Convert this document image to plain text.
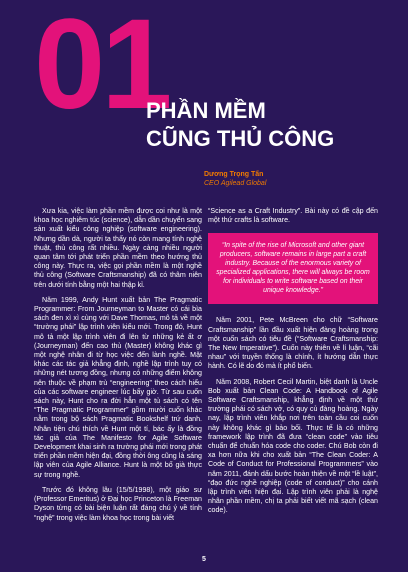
01
PHẦN MỀM
CŨNG THỦ CÔNG
Dương Trọng Tấn
CEO Agilead Global

Xưa kia, việc làm phần mềm được coi như là một khoa học nghiêm túc (science), dẫn dần chuyển sang sản xuất kiểu công nghiệp (software engineering). Nhưng dần dà, người ta thấy nó còn mang tính nghệ thuật, thủ công rất nhiều. Ngày càng nhiều người quan tâm tới phát triển phần mềm theo hướng thủ công này. Thực ra, việc gọi phần mềm là một nghề thủ công (Software Craftsmanship) đã có thâm niên trên dưới tính bằng một hai thập kỉ.

Năm 1999, Andy Hunt xuất bản The Pragmatic Programmer: From Journeyman to Master có cái bìa sách đen xì xì cùng với Dave Thomas, mô tả về một “trường phái” lập trình viên kiểu mới. Trong đó, Hunt mô tả một lập trình viên đi lên từ những kẻ ất ơ (Journeyman) đến cao thủ (Master) không khác gì một nghệ nhân đi từ học việc đến lành nghề. Mặt khác các tác giả khẳng định, nghề lập trình tuy có những nét tương đồng, nhưng có những điểm không nên thuộc về phạm trù “engineering” theo cách hiểu của các software engineer lúc bấy giờ. Từ sau cuốn sách này, Hunt cho ra đời hẳn một tủ sách có tên “The Pragmatic Programmer” gồm mười cuốn khác nằm trong bộ sách Pragmatic Bookshelf trứ danh. Nhân tiện chú thích về Hunt một tí, bác ấy là đồng tác giả của The Manifesto for Agile Software Development khai sinh ra trường phái mới trong phát triển phần mềm hiện đại, đồng thời ông cũng là sáng lập viên của Agile Alliance. Hunt là một bố già thực sự trong nghề.

Trước đó không lâu (15/5/1998), một giáo sư (Professor Emeritus) ở Đại học Princeton là Freeman Dyson từng có bài biện luận rất đáng chú ý về tính “nghệ” trong việc làm khoa học trong bài viết

“Science as a Craft Industry”. Bài này có đề cập đến một thứ crafts là software.

“In spite of the rise of Microsoft and other giant producers, software remains in large part a craft industry. Because of the enormous variety of specialized applications, there will always be room for individuals to write software based on their unique knowledge.”

Năm 2001, Pete McBreen cho chữ “Software Craftsmanship” lần đầu xuất hiện đàng hoàng trong một cuốn sách có tiêu đề (“Software Craftsmanship: The New Imperative”). Cuốn này thiên về lí luận, “cãi nhau” với truyền thống là chính, ít hướng dẫn thực hành. Có lẽ do đó mà ít phổ biến.

Năm 2008, Robert Cecil Martin, biệt danh là Uncle Bob xuất bản Clean Code: A Handbook of Agile Software Craftsmanship, khẳng định về một thứ trường phái có sách vở, có quy củ đàng hoàng. Ngày nay, lập trình viên khắp nơi trên toàn cầu coi cuốn này không khác gì bảo bối. Thực tế là có những framework lập trình đã đưa “clean code” vào tiêu chuẩn để chuẩn hóa code cho coder. Chú Bob còn đi xa hơn nữa khi cho xuất bản “The Clean Coder: A Code of Conduct for Professional Programmers” vào năm 2011, đánh dấu bước hoàn thiện về một “lề luật”, “đạo đức nghề nghiệp (code of conduct)” cho cánh lập trình viên hiện đại. Lập trình viên phải là nghệ nhân phần mềm, chị ta phải biết viết mã sạch (clean code).

5
